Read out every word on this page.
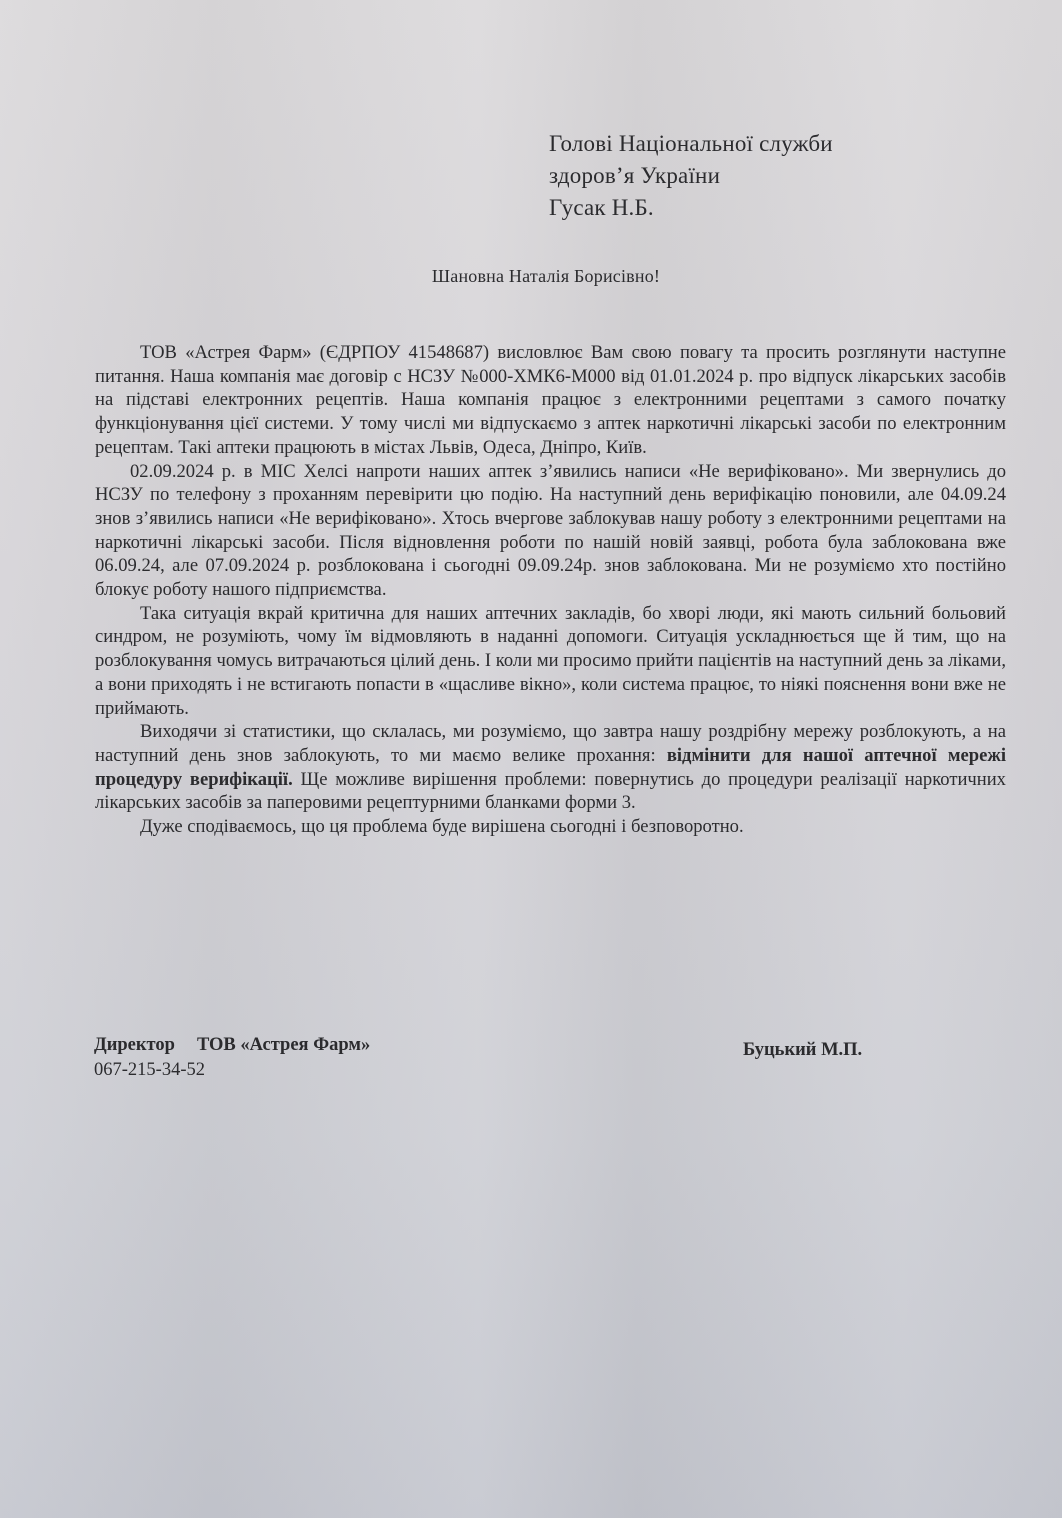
Голові Національної служби
здоров’я України
Гусак Н.Б.
Шановна Наталія Борисівно!

ТОВ «Астрея Фарм» (ЄДРПОУ 41548687) висловлює Вам свою повагу та просить розглянути наступне питання. Наша компанія має договір с НСЗУ №000-ХМК6-М000 від 01.01.2024 р. про відпуск лікарських засобів на підставі електронних рецептів. Наша компанія працює з електронними рецептами з самого початку функціонування цієї системи. У тому числі ми відпускаємо з аптек наркотичні лікарські засоби по електронним рецептам. Такі аптеки працюють в містах Львів, Одеса, Дніпро, Київ.

02.09.2024 р. в МІС Хелсі напроти наших аптек з’явились написи «Не верифіковано». Ми звернулись до НСЗУ по телефону з проханням перевірити цю подію. На наступний день верифікацію поновили, але 04.09.24 знов з’явились написи «Не верифіковано». Хтось вчергове заблокував нашу роботу з електронними рецептами на наркотичні лікарські засоби. Після відновлення роботи по нашій новій заявці, робота була заблокована вже 06.09.24, але 07.09.2024 р. розблокована і сьогодні 09.09.24р. знов заблокована. Ми не розуміємо хто постійно блокує роботу нашого підприємства.

Така ситуація вкрай критична для наших аптечних закладів, бо хворі люди, які мають сильний больовий синдром, не розуміють, чому їм відмовляють в наданні допомоги. Ситуація ускладнюється ще й тим, що на розблокування чомусь витрачаються цілий день. І коли ми просимо прийти пацієнтів на наступний день за ліками, а вони приходять і не встигають попасти в «щасливе вікно», коли система працює, то ніякі пояснення вони вже не приймають.

Виходячи зі статистики, що склалась, ми розуміємо, що завтра нашу роздрібну мережу розблокують, а на наступний день знов заблокують, то ми маємо велике прохання: відмінити для нашої аптечної мережі процедуру верифікації. Ще можливе вирішення проблеми: повернутись до процедури реалізації наркотичних лікарських засобів за паперовими рецептурними бланками форми 3.

Дуже сподіваємось, що ця проблема буде вирішена сьогодні і безповоротно.

Директор ТОВ «Астрея Фарм»
067-215-34-52
Буцький М.П.
